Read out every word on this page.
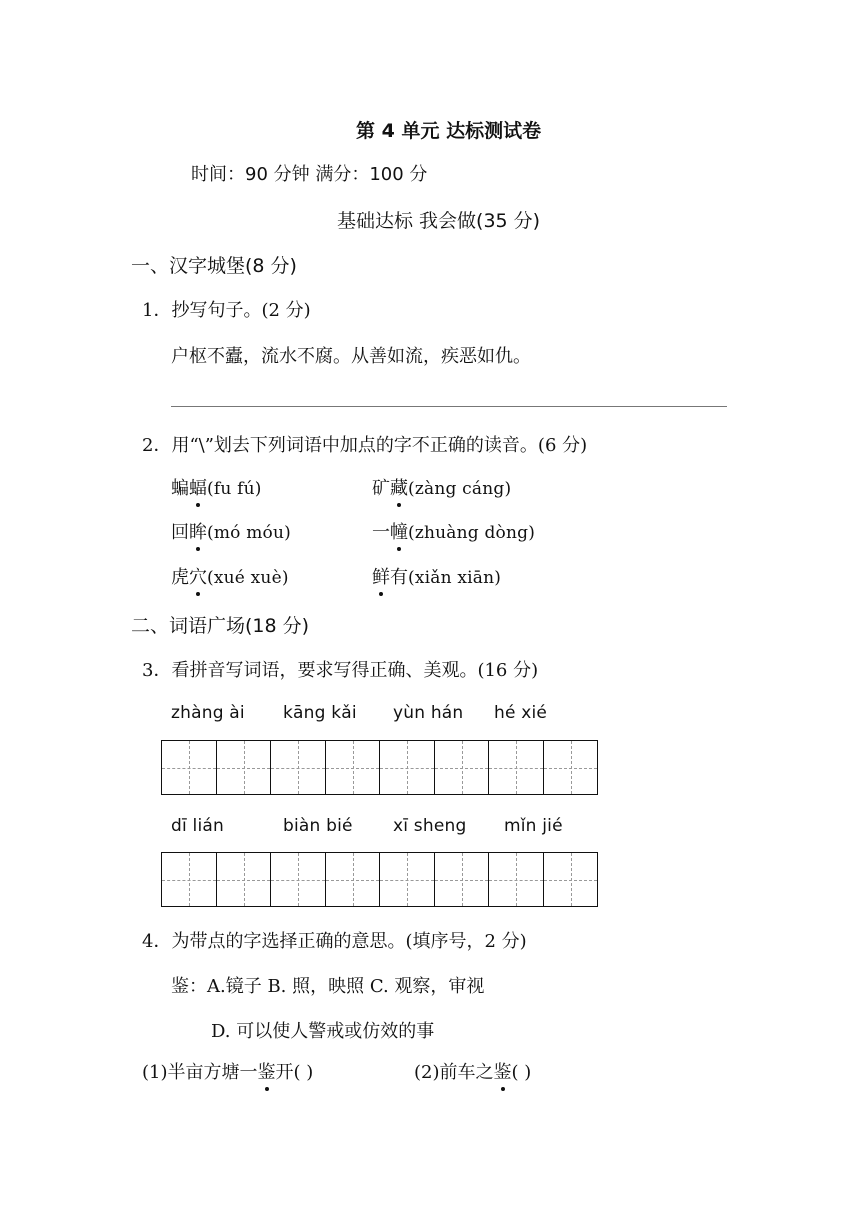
第 4 单元 达标测试卷
时间：90 分钟 满分：100 分
基础达标 我会做(35 分)
一、汉字城堡(8 分)
1．抄写句子。(2 分)
户枢不蠹，流水不腐。从善如流，疾恶如仇。
2．用“\”划去下列词语中加点的字不正确的读音。(6 分)
蝙蝠(fu fú)	矿藏(zàng cáng)
回眸(mó móu)	一幢(zhuàng dòng)
虎穴(xué xuè)	鲜有(xiǎn xiān)
二、词语广场(18 分)
3．看拼音写词语，要求写得正确、美观。(16 分)
zhàng ài kāng kǎi yùn hán hé xié
dī lián	biàn bié xī sheng mǐn jié
4．为带点的字选择正确的意思。(填序号，2 分)
鉴：A.镜子 B. 照，映照 C. 观察，审视
D. 可以使人警戒或仿效的事
(1)半亩方塘一鉴开( )	(2)前车之鉴( )
